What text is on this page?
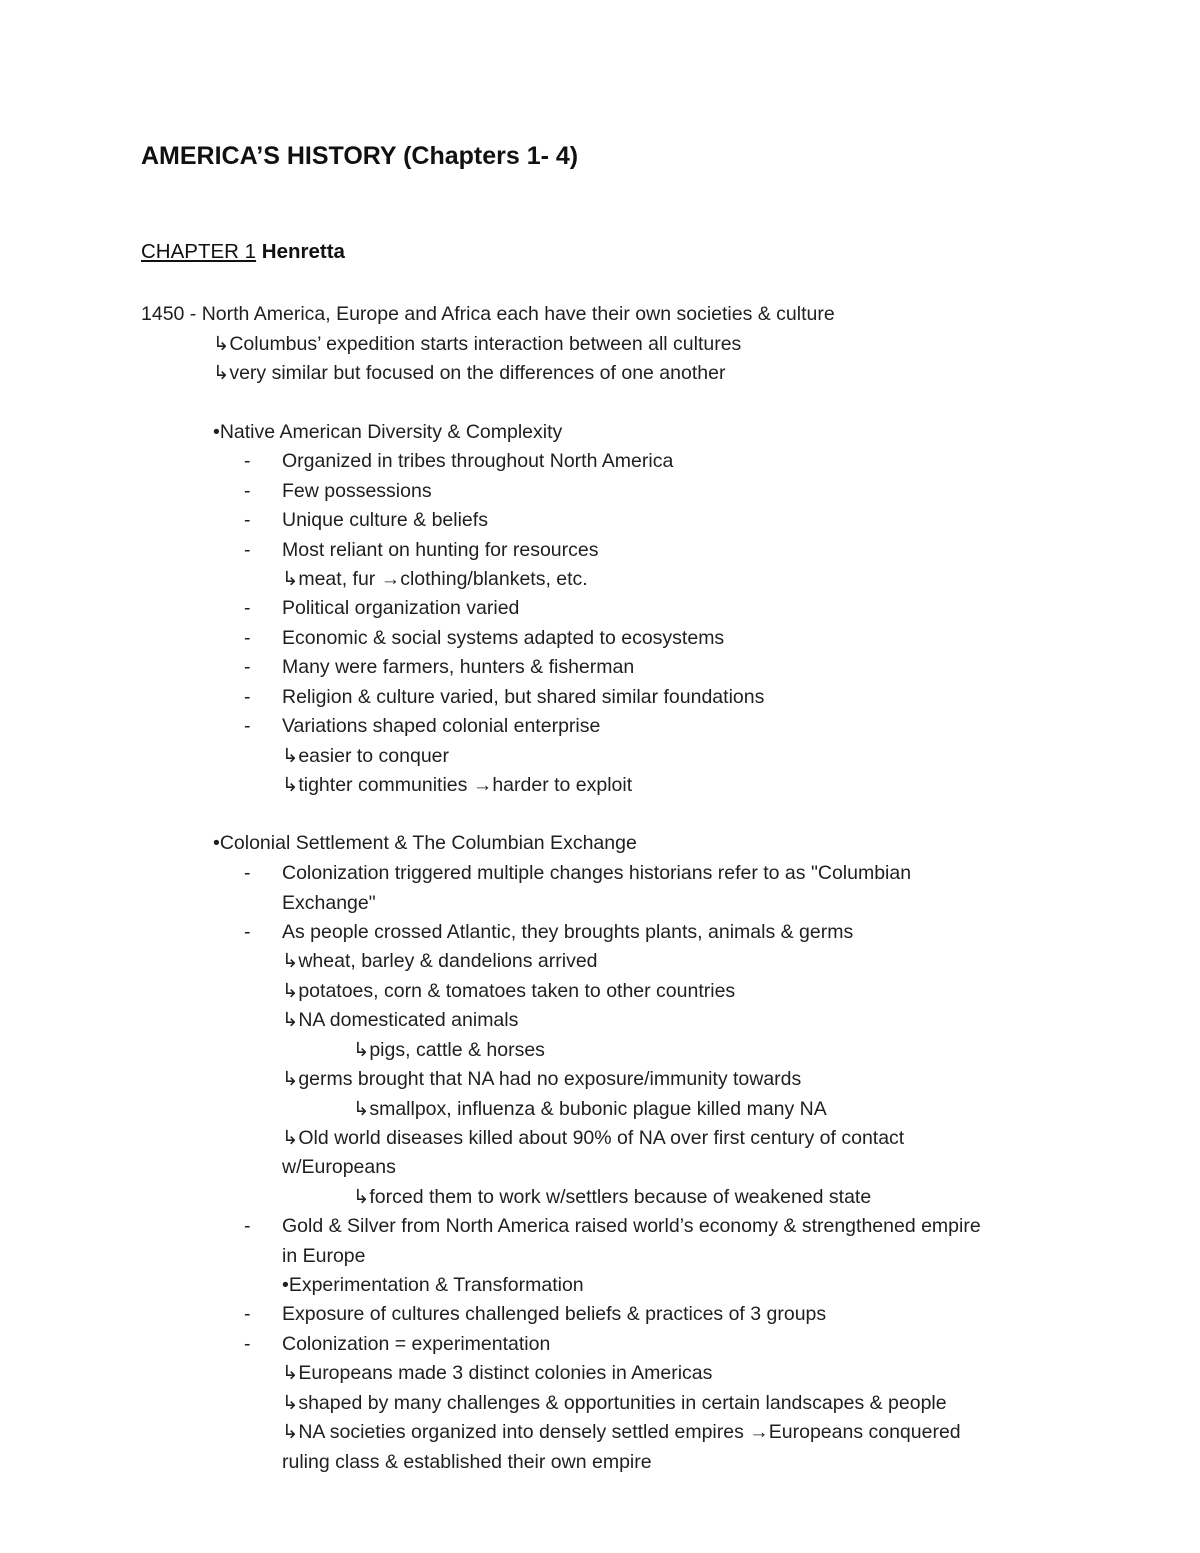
AMERICA’S HISTORY (Chapters 1- 4)
CHAPTER 1 Henretta
1450 - North America, Europe and Africa each have their own societies & culture
↳Columbus’ expedition starts interaction between all cultures
↳very similar but focused on the differences of one another
•Native American Diversity & Complexity
- Organized in tribes throughout North America
- Few possessions
- Unique culture & beliefs
- Most reliant on hunting for resources
↳meat, fur →clothing/blankets, etc.
- Political organization varied
- Economic & social systems adapted to ecosystems
- Many were farmers, hunters & fisherman
- Religion & culture varied, but shared similar foundations
- Variations shaped colonial enterprise
↳easier to conquer
↳tighter communities →harder to exploit
•Colonial Settlement & The Columbian Exchange
- Colonization triggered multiple changes historians refer to as "Columbian
Exchange"
- As people crossed Atlantic, they broughts plants, animals & germs
↳wheat, barley & dandelions arrived
↳potatoes, corn & tomatoes taken to other countries
↳NA domesticated animals
↳pigs, cattle & horses
↳germs brought that NA had no exposure/immunity towards
↳smallpox, influenza & bubonic plague killed many NA
↳Old world diseases killed about 90% of NA over first century of contact
w/Europeans
↳forced them to work w/settlers because of weakened state
- Gold & Silver from North America raised world’s economy & strengthened empire
in Europe
•Experimentation & Transformation
- Exposure of cultures challenged beliefs & practices of 3 groups
- Colonization = experimentation
↳Europeans made 3 distinct colonies in Americas
↳shaped by many challenges & opportunities in certain landscapes & people
↳NA societies organized into densely settled empires →Europeans conquered
ruling class & established their own empire
